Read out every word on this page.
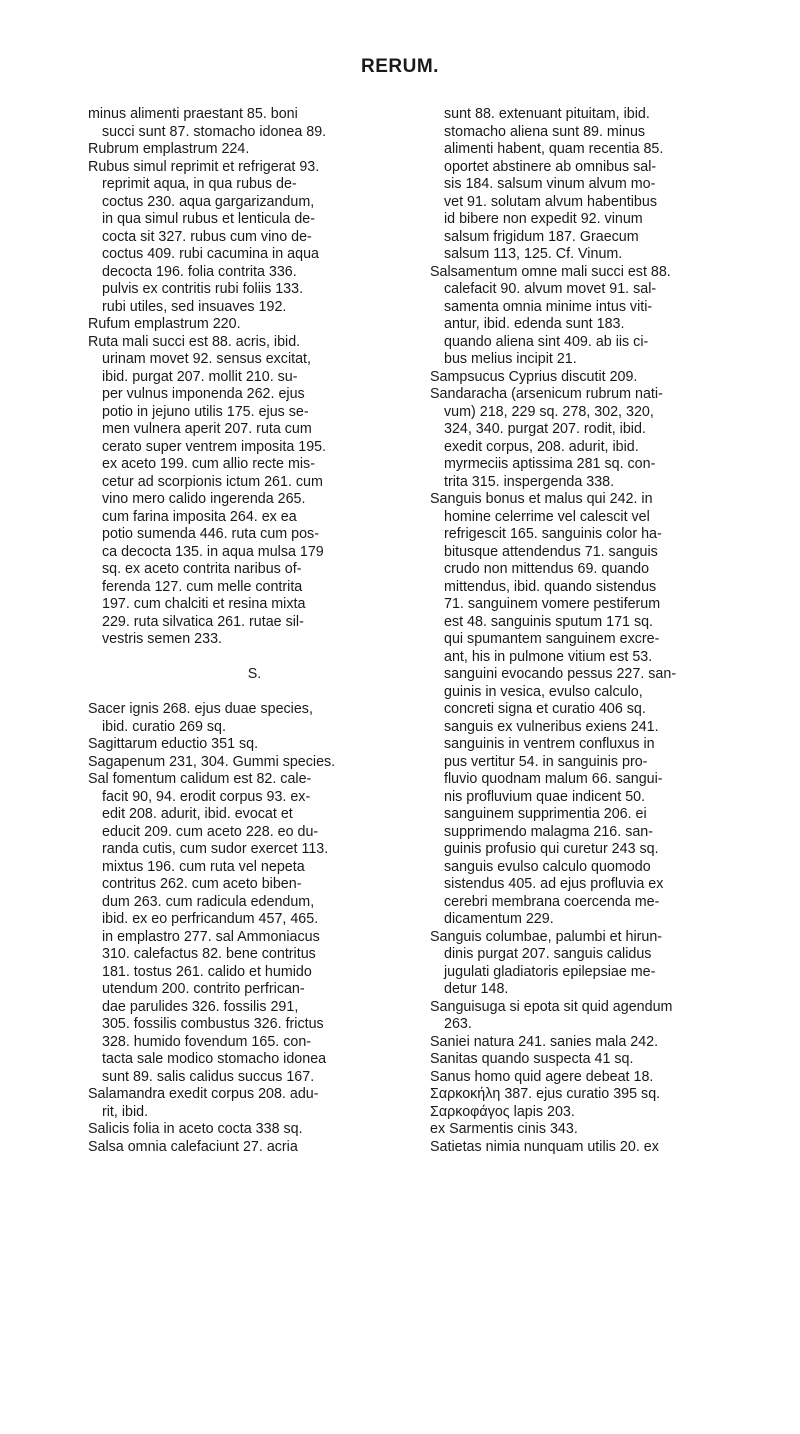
RERUM.
minus alimenti praestant 85. boni
succi sunt 87. stomacho idonea 89.
Rubrum emplastrum 224.
Rubus simul reprimit et refrigerat 93.
reprimit aqua, in qua rubus de-
coctus 230. aqua gargarizandum,
in qua simul rubus et lenticula de-
cocta sit 327. rubus cum vino de-
coctus 409. rubi cacumina in aqua
decocta 196. folia contrita 336.
pulvis ex contritis rubi foliis 133.
rubi utiles, sed insuaves 192.
Rufum emplastrum 220.
Ruta mali succi est 88. acris, ibid.
urinam movet 92. sensus excitat,
ibid. purgat 207. mollit 210. su-
per vulnus imponenda 262. ejus
potio in jejuno utilis 175. ejus se-
men vulnera aperit 207. ruta cum
cerato super ventrem imposita 195.
ex aceto 199. cum allio recte mis-
cetur ad scorpionis ictum 261. cum
vino mero calido ingerenda 265.
cum farina imposita 264. ex ea
potio sumenda 446. ruta cum pos-
ca decocta 135. in aqua mulsa 179
sq. ex aceto contrita naribus of-
ferenda 127. cum melle contrita
197. cum chalciti et resina mixta
229. ruta silvatica 261. rutae sil-
vestris semen 233.
S.
Sacer ignis 268. ejus duae species,
ibid. curatio 269 sq.
Sagittarum eductio 351 sq.
Sagapenum 231, 304. Gummi species.
Sal fomentum calidum est 82. cale-
facit 90, 94. erodit corpus 93. ex-
edit 208. adurit, ibid. evocat et
educit 209. cum aceto 228. eo du-
randa cutis, cum sudor exercet 113.
mixtus 196. cum ruta vel nepeta
contritus 262. cum aceto biben-
dum 263. cum radicula edendum,
ibid. ex eo perfricandum 457, 465.
in emplastro 277. sal Ammoniacus
310. calefactus 82. bene contritus
181. tostus 261. calido et humido
utendum 200. contrito perfrican-
dae parulides 326. fossilis 291,
305. fossilis combustus 326. frictus
328. humido fovendum 165. con-
tacta sale modico stomacho idonea
sunt 89. salis calidus succus 167.
Salamandra exedit corpus 208. adu-
rit, ibid.
Salicis folia in aceto cocta 338 sq.
Salsa omnia calefaciunt 27. acria
sunt 88. extenuant pituitam, ibid.
stomacho aliena sunt 89. minus
alimenti habent, quam recentia 85.
oportet abstinere ab omnibus sal-
sis 184. salsum vinum alvum mo-
vet 91. solutam alvum habentibus
id bibere non expedit 92. vinum
salsum frigidum 187. Graecum
salsum 113, 125. Cf. Vinum.
Salsamentum omne mali succi est 88.
calefacit 90. alvum movet 91. sal-
samenta omnia minime intus viti-
antur, ibid. edenda sunt 183.
quando aliena sint 409. ab iis ci-
bus melius incipit 21.
Sampsucus Cyprius discutit 209.
Sandaracha (arsenicum rubrum nati-
vum) 218, 229 sq. 278, 302, 320,
324, 340. purgat 207. rodit, ibid.
exedit corpus, 208. adurit, ibid.
myrmeciis aptissima 281 sq. con-
trita 315. inspergenda 338.
Sanguis bonus et malus qui 242. in
homine celerrime vel calescit vel
refrigescit 165. sanguinis color ha-
bitusque attendendus 71. sanguis
crudo non mittendus 69. quando
mittendus, ibid. quando sistendus
71. sanguinem vomere pestiferum
est 48. sanguinis sputum 171 sq.
qui spumantem sanguinem excre-
ant, his in pulmone vitium est 53.
sanguini evocando pessus 227. san-
guinis in vesica, evulso calculo,
concreti signa et curatio 406 sq.
sanguis ex vulneribus exiens 241.
sanguinis in ventrem confluxus in
pus vertitur 54. in sanguinis pro-
fluvio quodnam malum 66. sangui-
nis profluvium quae indicent 50.
sanguinem supprimentia 206. ei
supprimendo malagma 216. san-
guinis profusio qui curetur 243 sq.
sanguis evulso calculo quomodo
sistendus 405. ad ejus profluvia ex
cerebri membrana coercenda me-
dicamentum 229.
Sanguis columbae, palumbi et hirun-
dinis purgat 207. sanguis calidus
jugulati gladiatoris epilepsiae me-
detur 148.
Sanguisuga si epota sit quid agendum
263.
Saniei natura 241. sanies mala 242.
Sanitas quando suspecta 41 sq.
Sanus homo quid agere debeat 18.
Σαρκοκήλη 387. ejus curatio 395 sq.
Σαρκοφάγος lapis 203.
ex Sarmentis cinis 343.
Satietas nimia nunquam utilis 20. ex
